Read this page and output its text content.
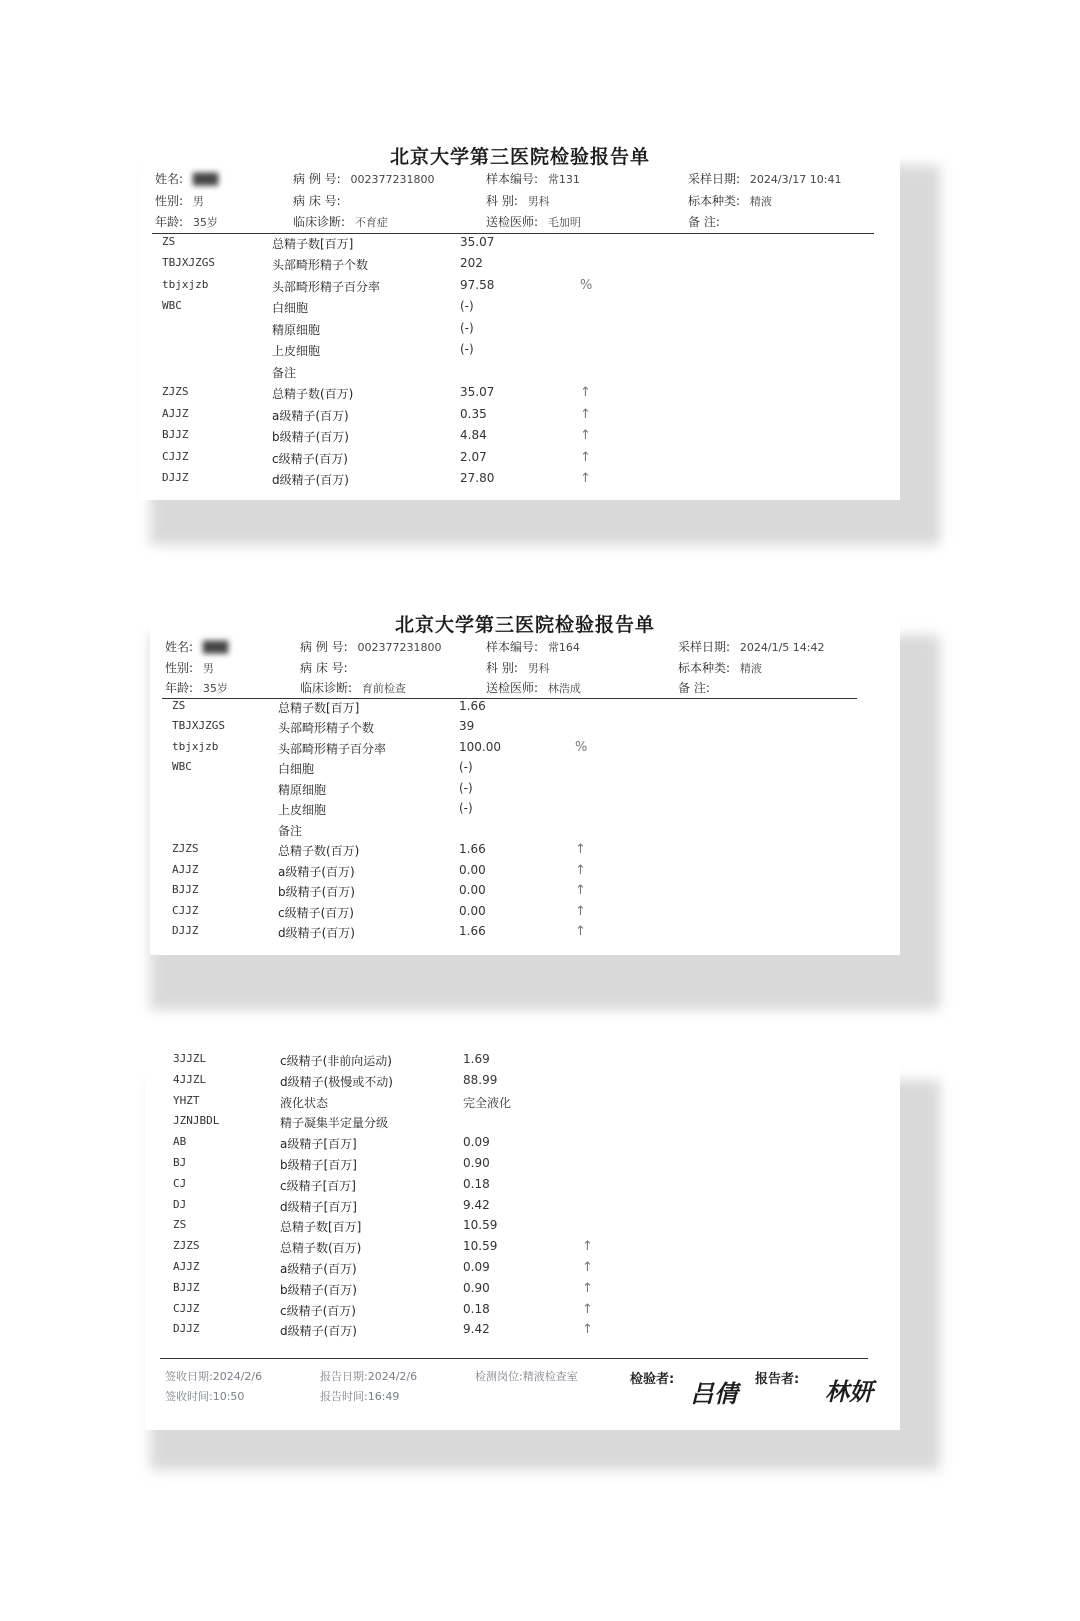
北京大学第三医院检验报告单
姓名: ███
性别: 男
年龄: 35岁
病 例 号: 002377231800
病 床 号:
临床诊断: 不育症
样本编号: 常131
科 别: 男科
送检医师: 毛加明
采样日期: 2024/3/17 10:41
标本种类: 精液
备 注:
ZS	总精子数[百万]	35.07
TBJXJZGS	头部畸形精子个数	202
tbjxjzb	头部畸形精子百分率	97.58	%
WBC	白细胞	(-)
精原细胞	(-)
上皮细胞	(-)
备注
ZJZS	总精子数(百万)	35.07	↑
AJJZ	a级精子(百万)	0.35	↑
BJJZ	b级精子(百万)	4.84	↑
CJJZ	c级精子(百万)	2.07	↑
DJJZ	d级精子(百万)	27.80	↑
北京大学第三医院检验报告单
姓名: ███
性别: 男
年龄: 35岁
病 例 号: 002377231800
病 床 号:
临床诊断: 育前检查
样本编号: 常164
科 别: 男科
送检医师: 林浩成
采样日期: 2024/1/5 14:42
标本种类: 精液
备 注:
ZS	总精子数[百万]	1.66
TBJXJZGS	头部畸形精子个数	39
tbjxjzb	头部畸形精子百分率	100.00	%
WBC	白细胞	(-)
精原细胞	(-)
上皮细胞	(-)
备注
ZJZS	总精子数(百万)	1.66	↑
AJJZ	a级精子(百万)	0.00	↑
BJJZ	b级精子(百万)	0.00	↑
CJJZ	c级精子(百万)	0.00	↑
DJJZ	d级精子(百万)	1.66	↑
3JJZL	c级精子(非前向运动)	1.69
4JJZL	d级精子(极慢或不动)	88.99
YHZT	液化状态	完全液化
JZNJBDL	精子凝集半定量分级
AB	a级精子[百万]	0.09
BJ	b级精子[百万]	0.90
CJ	c级精子[百万]	0.18
DJ	d级精子[百万]	9.42
ZS	总精子数[百万]	10.59
ZJZS	总精子数(百万)	10.59	↑
AJJZ	a级精子(百万)	0.09	↑
BJJZ	b级精子(百万)	0.90	↑
CJJZ	c级精子(百万)	0.18	↑
DJJZ	d级精子(百万)	9.42	↑
签收日期:2024/2/6
签收时间:10:50
报告日期:2024/2/6
报告时间:16:49
检测岗位:精液检查室	检验者: 吕倩 报告者: 林妍
